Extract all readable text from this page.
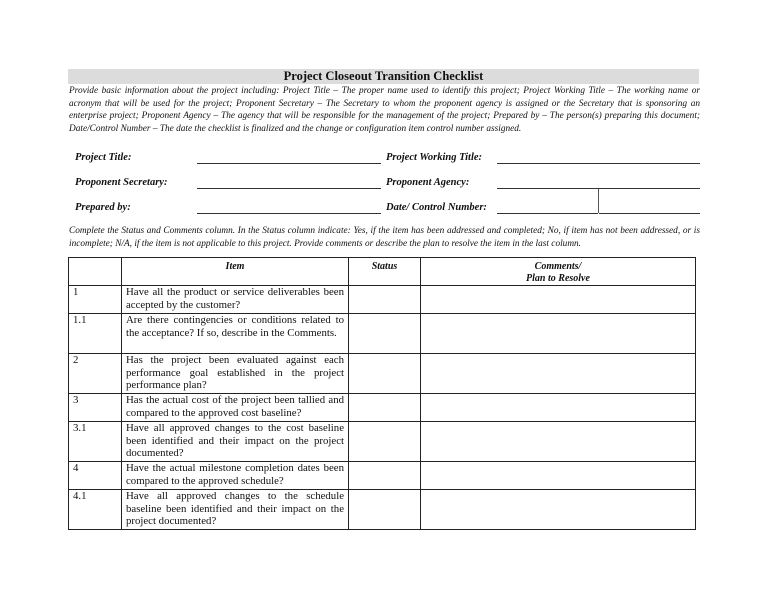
Project Closeout Transition Checklist

Provide basic information about the project including: Project Title – The proper name used to identify this project; Project Working Title – The working name or acronym that will be used for the project; Proponent Secretary – The Secretary to whom the proponent agency is assigned or the Secretary that is sponsoring an enterprise project; Proponent Agency – The agency that will be responsible for the management of the project; Prepared by – The person(s) preparing this document; Date/Control Number – The date the checklist is finalized and the change or configuration item control number assigned.

Project Title:	Project Working Title:
Proponent Secretary:	Proponent Agency:
Prepared by:	Date/ Control Number:

Complete the Status and Comments column. In the Status column indicate: Yes, if the item has been addressed and completed; No, if item has not been addressed, or is incomplete; N/A, if the item is not applicable to this project. Provide comments or describe the plan to resolve the item in the last column.

	Item	Status	Comments/
Plan to Resolve

1	Have all the product or service deliverables been accepted by the customer?		
1.1	Are there contingencies or conditions related to the acceptance? If so, describe in the Comments.		
2	Has the project been evaluated against each performance goal established in the project performance plan?		
3	Has the actual cost of the project been tallied and compared to the approved cost baseline?		
3.1	Have all approved changes to the cost baseline been identified and their impact on the project documented?		
4	Have the actual milestone completion dates been compared to the approved schedule?		
4.1	Have all approved changes to the schedule baseline been identified and their impact on the project documented?		
